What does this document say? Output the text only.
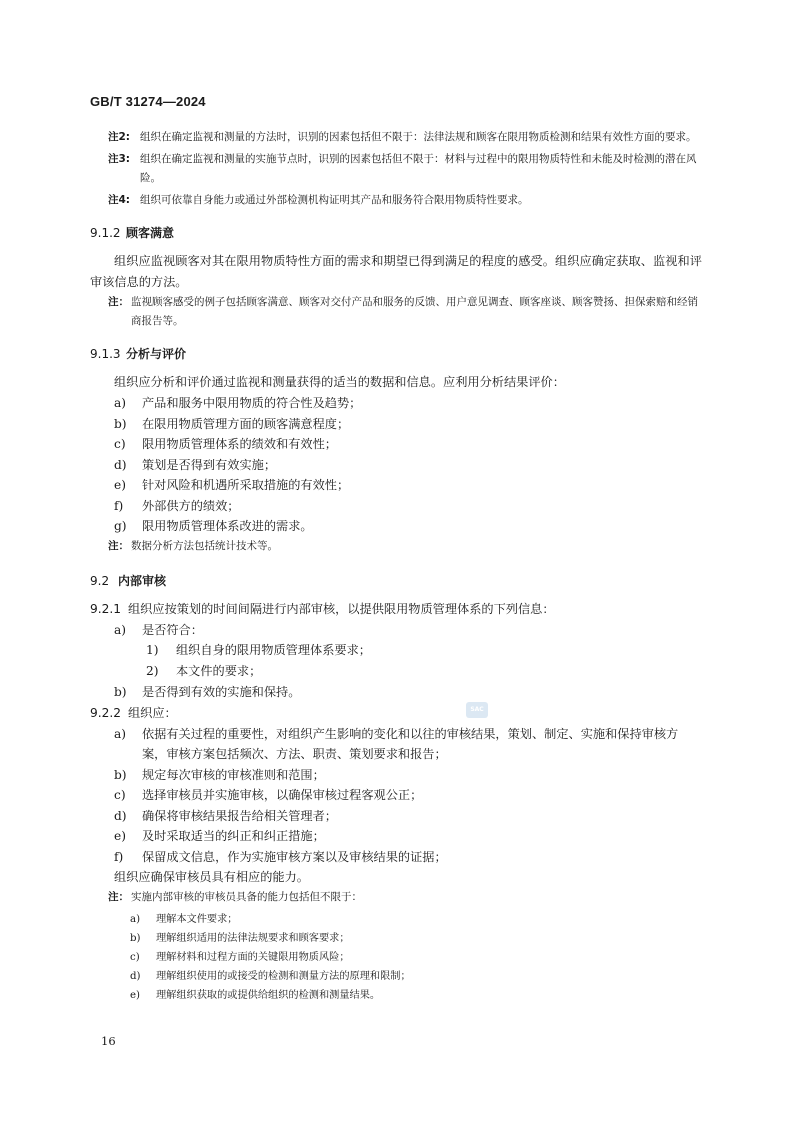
GB/T 31274—2024
注2: 组织在确定监视和测量的方法时，识别的因素包括但不限于：法律法规和顾客在限用物质检测和结果有效性方面的要求。
注3: 组织在确定监视和测量的实施节点时，识别的因素包括但不限于：材料与过程中的限用物质特性和未能及时检测的潜在风险。
注4: 组织可依靠自身能力或通过外部检测机构证明其产品和服务符合限用物质特性要求。
9.1.2 顾客满意

组织应监视顾客对其在限用物质特性方面的需求和期望已得到满足的程度的感受。组织应确定获取、监视和评审该信息的方法。

注： 监视顾客感受的例子包括顾客满意、顾客对交付产品和服务的反馈、用户意见调查、顾客座谈、顾客赞扬、担保索赔和经销商报告等。
9.1.3 分析与评价

组织应分析和评价通过监视和测量获得的适当的数据和信息。应利用分析结果评价：

a)	产品和服务中限用物质的符合性及趋势；
b)	在限用物质管理方面的顾客满意程度；
c)	限用物质管理体系的绩效和有效性；
d)	策划是否得到有效实施；
e)	针对风险和机遇所采取措施的有效性；
f)	外部供方的绩效；
g)	限用物质管理体系改进的需求。
注： 数据分析方法包括统计技术等。
9.2 内部审核
9.2.1 组织应按策划的时间间隔进行内部审核，以提供限用物质管理体系的下列信息：
a)	是否符合：
1)	组织自身的限用物质管理体系要求；
2)	本文件的要求；
b)	是否得到有效的实施和保持。
9.2.2 组织应：
a)	依据有关过程的重要性，对组织产生影响的变化和以往的审核结果，策划、制定、实施和保持审核方案，审核方案包括频次、方法、职责、策划要求和报告；
b)	规定每次审核的审核准则和范围；
c)	选择审核员并实施审核，以确保审核过程客观公正；
d)	确保将审核结果报告给相关管理者；
e)	及时采取适当的纠正和纠正措施；
f)	保留成文信息，作为实施审核方案以及审核结果的证据；

组织应确保审核员具有相应的能力。

注： 实施内部审核的审核员具备的能力包括但不限于：
a)	理解本文件要求；
b)	理解组织适用的法律法规要求和顾客要求；
c)	理解材料和过程方面的关键限用物质风险；
d)	理解组织使用的或接受的检测和测量方法的原理和限制；
e)	理解组织获取的或提供给组织的检测和测量结果。
SAC
16
